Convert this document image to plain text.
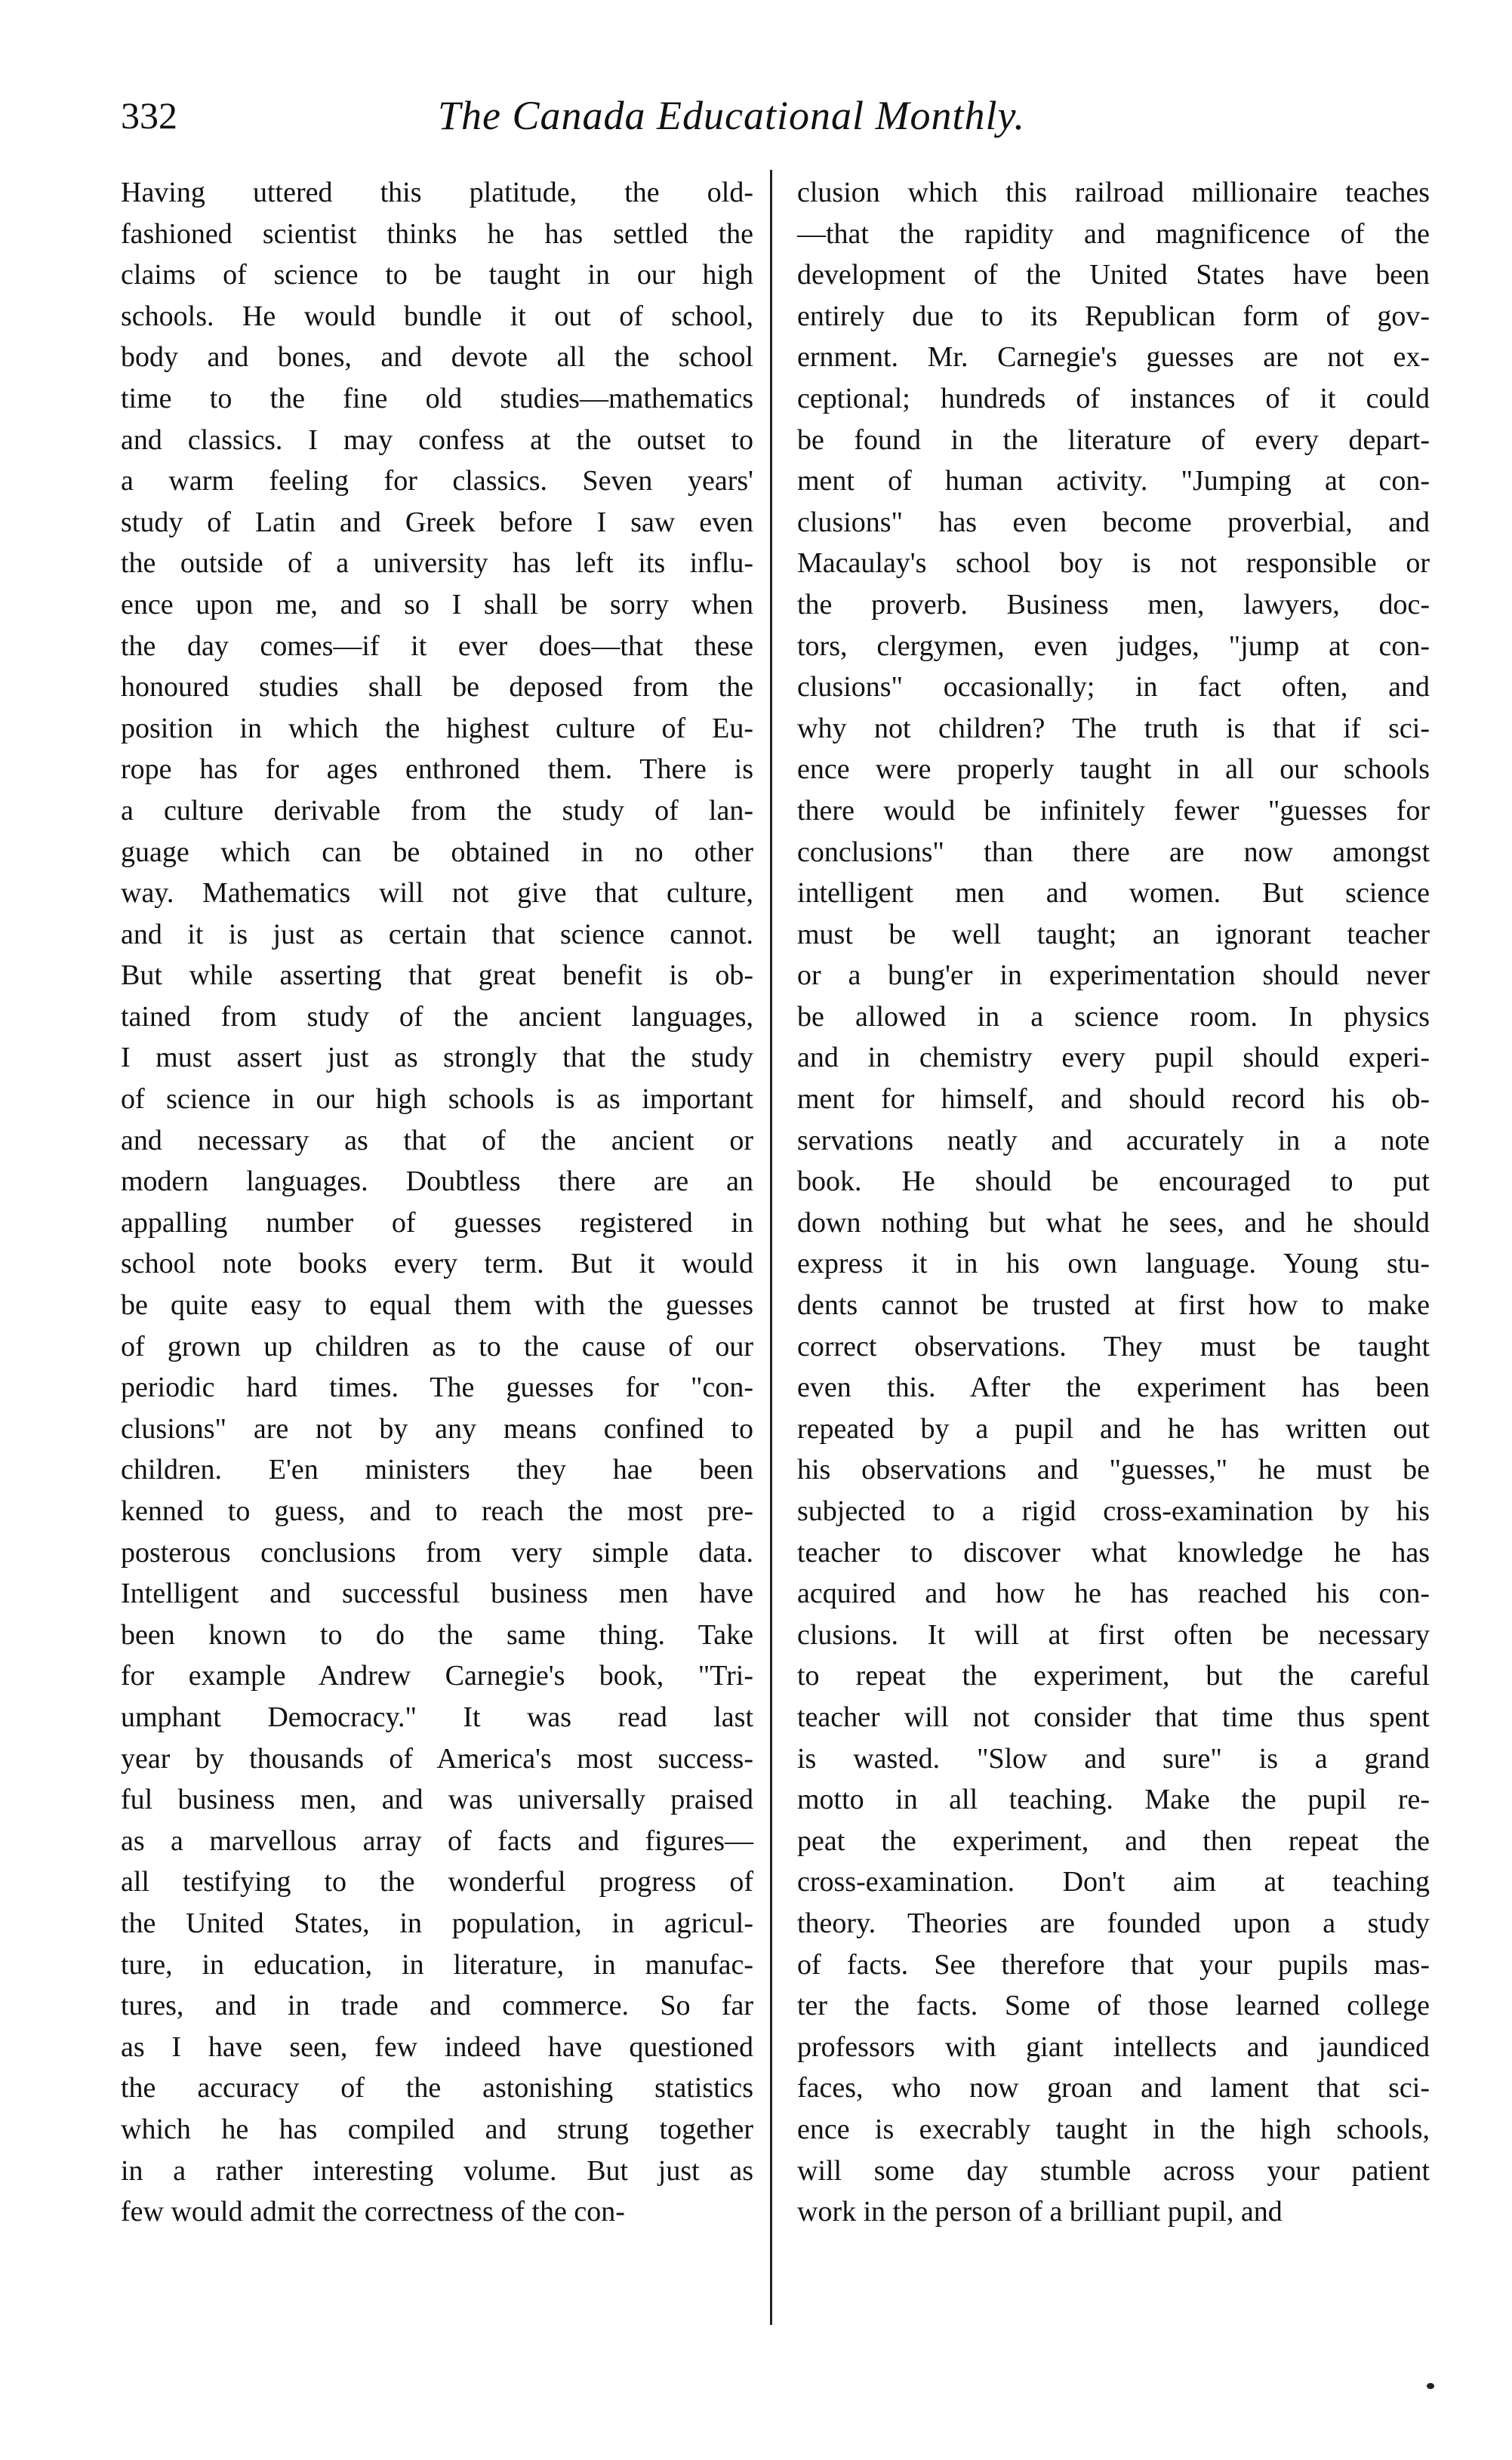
332	The Canada Educational Monthly.
Having uttered this platitude, the old-
fashioned scientist thinks he has settled the
claims of science to be taught in our high
schools. He would bundle it out of school,
body and bones, and devote all the school
time to the fine old studies—mathematics
and classics. I may confess at the outset to
a warm feeling for classics. Seven years'
study of Latin and Greek before I saw even
the outside of a university has left its influ-
ence upon me, and so I shall be sorry when
the day comes—if it ever does—that these
honoured studies shall be deposed from the
position in which the highest culture of Eu-
rope has for ages enthroned them. There is
a culture derivable from the study of lan-
guage which can be obtained in no other
way. Mathematics will not give that culture,
and it is just as certain that science cannot.
But while asserting that great benefit is ob-
tained from study of the ancient languages,
I must assert just as strongly that the study
of science in our high schools is as important
and necessary as that of the ancient or
modern languages. Doubtless there are an
appalling number of guesses registered in
school note books every term. But it would
be quite easy to equal them with the guesses
of grown up children as to the cause of our
periodic hard times. The guesses for "con-
clusions" are not by any means confined to
children. E'en ministers they hae been
kenned to guess, and to reach the most pre-
posterous conclusions from very simple data.
Intelligent and successful business men have
been known to do the same thing. Take
for example Andrew Carnegie's book, "Tri-
umphant Democracy." It was read last
year by thousands of America's most success-
ful business men, and was universally praised
as a marvellous array of facts and figures—
all testifying to the wonderful progress of
the United States, in population, in agricul-
ture, in education, in literature, in manufac-
tures, and in trade and commerce. So far
as I have seen, few indeed have questioned
the accuracy of the astonishing statistics
which he has compiled and strung together
in a rather interesting volume. But just as
few would admit the correctness of the con-
clusion which this railroad millionaire teaches
—that the rapidity and magnificence of the
development of the United States have been
entirely due to its Republican form of gov-
ernment. Mr. Carnegie's guesses are not ex-
ceptional; hundreds of instances of it could
be found in the literature of every depart-
ment of human activity. "Jumping at con-
clusions" has even become proverbial, and
Macaulay's school boy is not responsible or
the proverb. Business men, lawyers, doc-
tors, clergymen, even judges, "jump at con-
clusions" occasionally; in fact often, and
why not children? The truth is that if sci-
ence were properly taught in all our schools
there would be infinitely fewer "guesses for
conclusions" than there are now amongst
intelligent men and women. But science
must be well taught; an ignorant teacher
or a bung'er in experimentation should never
be allowed in a science room. In physics
and in chemistry every pupil should experi-
ment for himself, and should record his ob-
servations neatly and accurately in a note
book. He should be encouraged to put
down nothing but what he sees, and he should
express it in his own language. Young stu-
dents cannot be trusted at first how to make
correct observations. They must be taught
even this. After the experiment has been
repeated by a pupil and he has written out
his observations and "guesses," he must be
subjected to a rigid cross-examination by his
teacher to discover what knowledge he has
acquired and how he has reached his con-
clusions. It will at first often be necessary
to repeat the experiment, but the careful
teacher will not consider that time thus spent
is wasted. "Slow and sure" is a grand
motto in all teaching. Make the pupil re-
peat the experiment, and then repeat the
cross-examination. Don't aim at teaching
theory. Theories are founded upon a study
of facts. See therefore that your pupils mas-
ter the facts. Some of those learned college
professors with giant intellects and jaundiced
faces, who now groan and lament that sci-
ence is execrably taught in the high schools,
will some day stumble across your patient
work in the person of a brilliant pupil, and
